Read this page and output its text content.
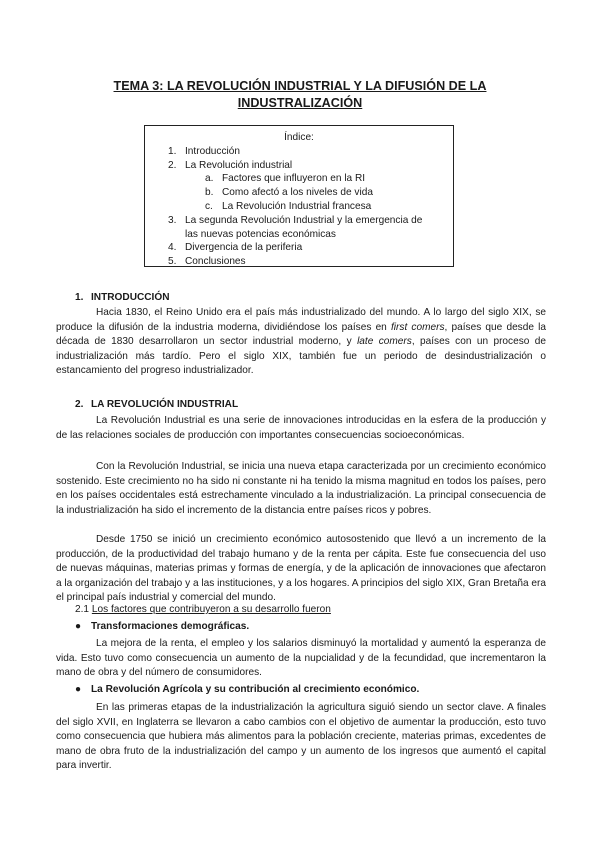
TEMA 3: LA REVOLUCIÓN INDUSTRIAL Y LA DIFUSIÓN DE LA
INDUSTRALIZACIÓN
Índice:
1. Introducción
2. La Revolución industrial
a. Factores que influyeron en la RI
b. Como afectó a los niveles de vida
c. La Revolución Industrial francesa
3. La segunda Revolución Industrial y la emergencia de
las nuevas potencias económicas
4. Divergencia de la periferia
5. Conclusiones
1. INTRODUCCIÓN
Hacia 1830, el Reino Unido era el país más industrializado del mundo. A lo largo del siglo XIX, se produce la difusión de la industria moderna, dividiéndose los países en first comers, países que desde la década de 1830 desarrollaron un sector industrial moderno, y late comers, países con un proceso de industrialización más tardío. Pero el siglo XIX, también fue un periodo de desindustrialización o estancamiento del progreso industrializador.
2. LA REVOLUCIÓN INDUSTRIAL
La Revolución Industrial es una serie de innovaciones introducidas en la esfera de la producción y de las relaciones sociales de producción con importantes consecuencias socioeconómicas.
Con la Revolución Industrial, se inicia una nueva etapa caracterizada por un crecimiento económico sostenido. Este crecimiento no ha sido ni constante ni ha tenido la misma magnitud en todos los países, pero en los países occidentales está estrechamente vinculado a la industrialización. La principal consecuencia de la industrialización ha sido el incremento de la distancia entre países ricos y pobres.
Desde 1750 se inició un crecimiento económico autosostenido que llevó a un incremento de la producción, de la productividad del trabajo humano y de la renta per cápita. Este fue consecuencia del uso de nuevas máquinas, materias primas y formas de energía, y de la aplicación de innovaciones que afectaron a la organización del trabajo y a las instituciones, y a los hogares. A principios del siglo XIX, Gran Bretaña era el principal país industrial y comercial del mundo.
2.1 Los factores que contribuyeron a su desarrollo fueron
● Transformaciones demográficas.
La mejora de la renta, el empleo y los salarios disminuyó la mortalidad y aumentó la esperanza de vida. Esto tuvo como consecuencia un aumento de la nupcialidad y de la fecundidad, que incrementaron la mano de obra y del número de consumidores.
● La Revolución Agrícola y su contribución al crecimiento económico.
En las primeras etapas de la industrialización la agricultura siguió siendo un sector clave. A finales del siglo XVII, en Inglaterra se llevaron a cabo cambios con el objetivo de aumentar la producción, esto tuvo como consecuencia que hubiera más alimentos para la población creciente, materias primas, excedentes de mano de obra fruto de la industrialización del campo y un aumento de los ingresos que aumentó el capital para invertir.
